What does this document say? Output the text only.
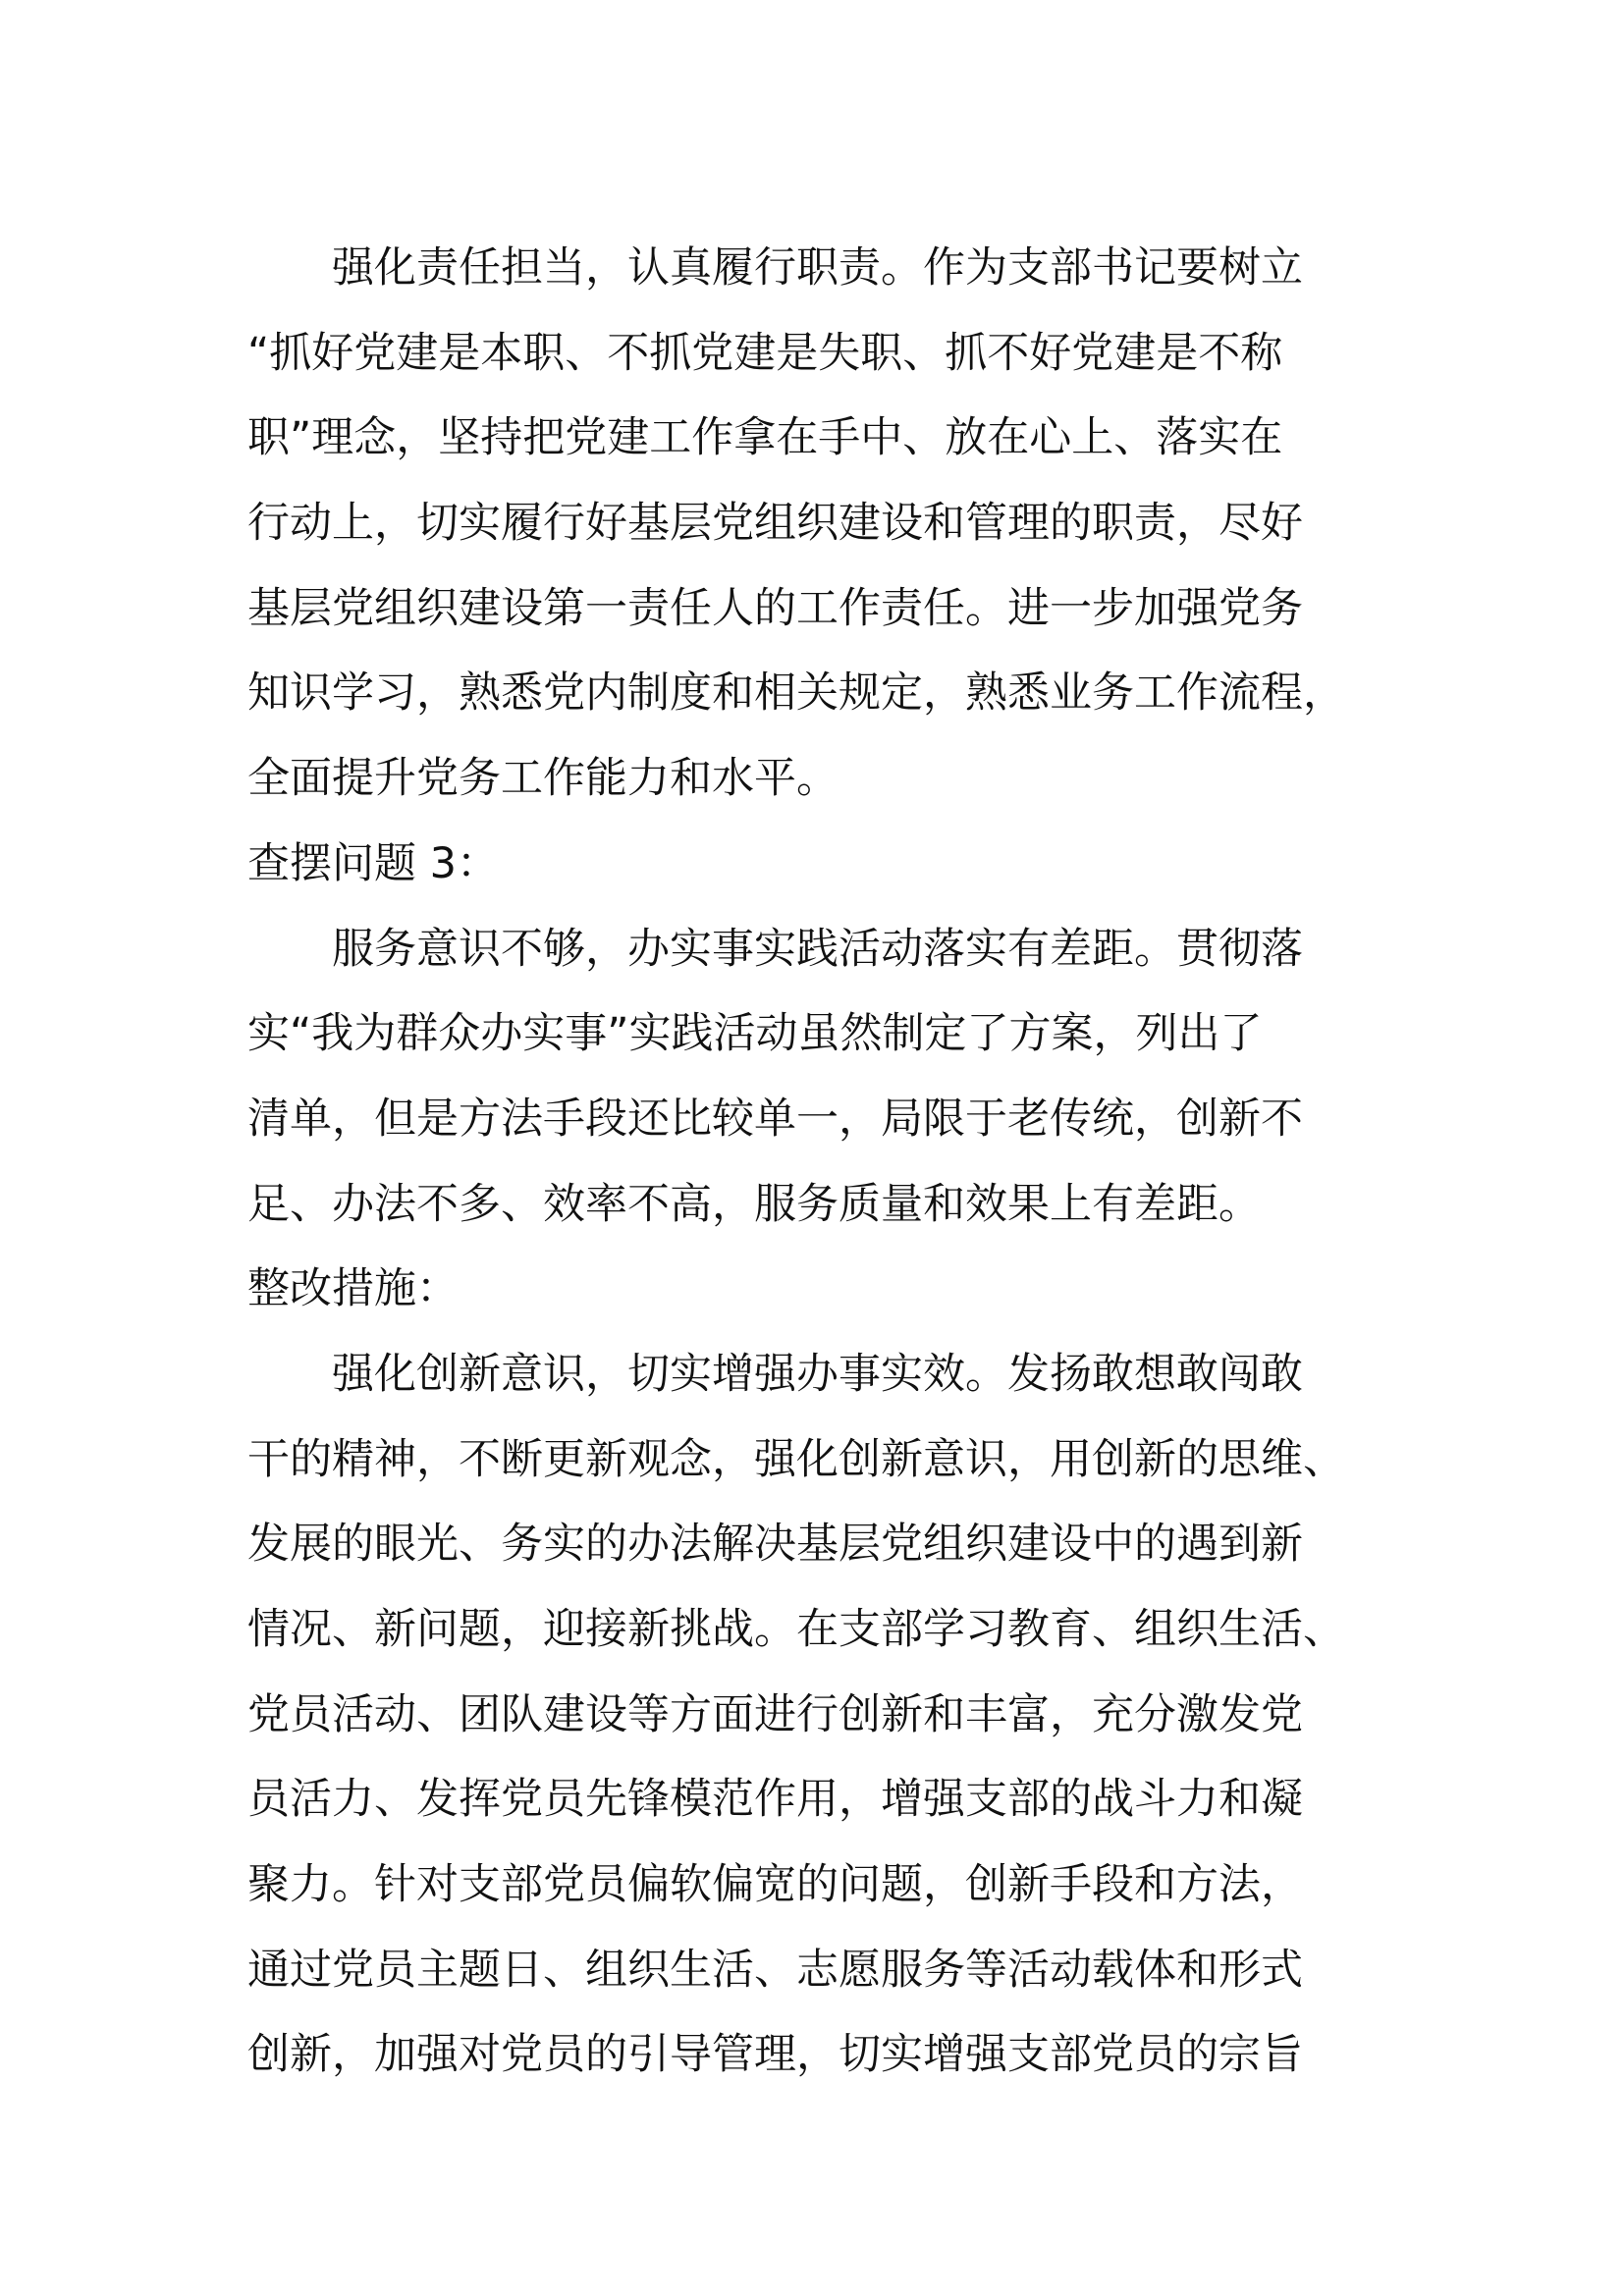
强化责任担当，认真履行职责。作为支部书记要树立
“抓好党建是本职、不抓党建是失职、抓不好党建是不称
职”理念，坚持把党建工作拿在手中、放在心上、落实在
行动上，切实履行好基层党组织建设和管理的职责，尽好
基层党组织建设第一责任人的工作责任。进一步加强党务
知识学习，熟悉党内制度和相关规定，熟悉业务工作流程，
全面提升党务工作能力和水平。
查摆问题 3：
服务意识不够，办实事实践活动落实有差距。贯彻落
实“我为群众办实事”实践活动虽然制定了方案，列出了
清单，但是方法手段还比较单一，局限于老传统，创新不
足、办法不多、效率不高，服务质量和效果上有差距。
整改措施：
强化创新意识，切实增强办事实效。发扬敢想敢闯敢
干的精神，不断更新观念，强化创新意识，用创新的思维、
发展的眼光、务实的办法解决基层党组织建设中的遇到新
情况、新问题，迎接新挑战。在支部学习教育、组织生活、
党员活动、团队建设等方面进行创新和丰富，充分激发党
员活力、发挥党员先锋模范作用，增强支部的战斗力和凝
聚力。针对支部党员偏软偏宽的问题，创新手段和方法，
通过党员主题日、组织生活、志愿服务等活动载体和形式
创新，加强对党员的引导管理，切实增强支部党员的宗旨
